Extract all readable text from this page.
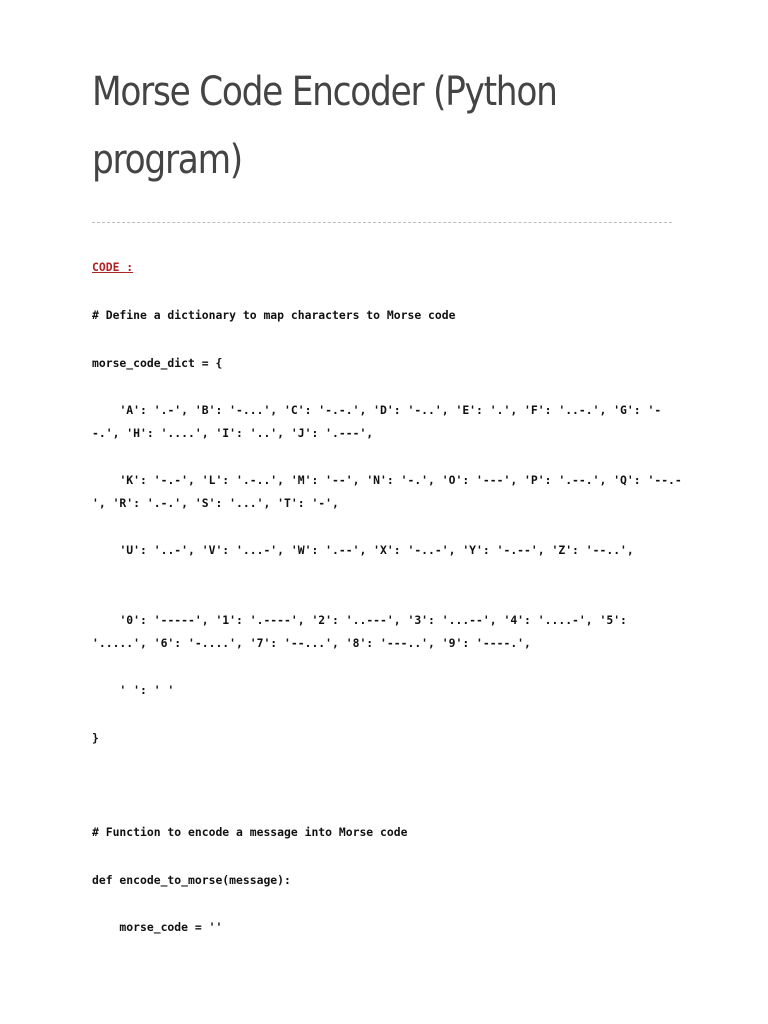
Morse Code Encoder (Python program)
CODE :
# Define a dictionary to map characters to Morse code
morse_code_dict = {
'A': '.-', 'B': '-...', 'C': '-.-.', 'D': '-..', 'E': '.', 'F': '..-.', 'G': '--.', 'H': '....', 'I': '..', 'J': '.---',
'K': '-.-', 'L': '.-..', 'M': '--', 'N': '-.', 'O': '---', 'P': '.--.', 'Q': '--.-', 'R': '.-.', 'S': '...', 'T': '-',
'U': '..-', 'V': '...-', 'W': '.--', 'X': '-..-', 'Y': '-.--', 'Z': '--..',
'0': '-----', '1': '.----', '2': '..---', '3': '...--', '4': '....-', '5': '.....', '6': '-....', '7': '--...', '8': '---..', '9': '----.',
' ': ' '
}
# Function to encode a message into Morse code
def encode_to_morse(message):
morse_code = ''
